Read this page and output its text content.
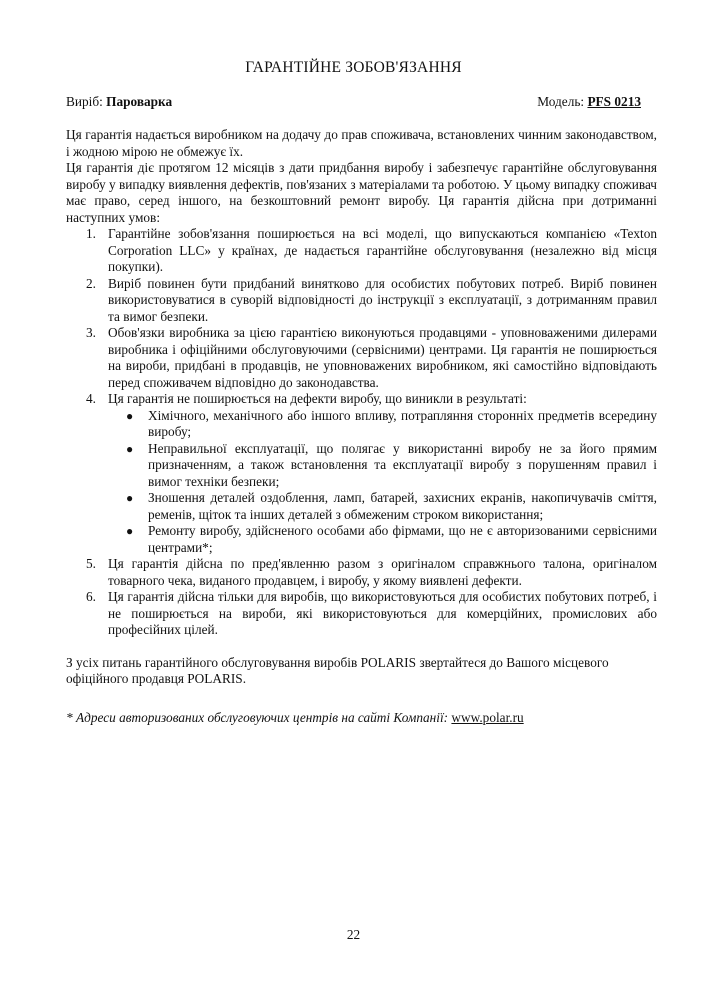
ГАРАНТІЙНЕ ЗОБОВ'ЯЗАННЯ
Виріб: Пароварка	Модель: PFS 0213

Ця гарантія надається виробником на додачу до прав споживача, встановлених чинним законодавством, і жодною мірою не обмежує їх.

Ця гарантія діє протягом 12 місяців з дати придбання виробу і забезпечує гарантійне обслуговування виробу у випадку виявлення дефектів, пов'язаних з матеріалами та роботою. У цьому випадку споживач має право, серед іншого, на безкоштовний ремонт виробу. Ця гарантія дійсна при дотриманні наступних умов:

1. Гарантійне зобов'язання поширюється на всі моделі, що випускаються компанією «Texton Corporation LLC» у країнах, де надається гарантійне обслуговування (незалежно від місця покупки).
2. Виріб повинен бути придбаний винятково для особистих побутових потреб. Виріб повинен використовуватися в суворій відповідності до інструкції з експлуатації, з дотриманням правил та вимог безпеки.
3. Обов'язки виробника за цією гарантією виконуються продавцями - уповноваженими дилерами виробника і офіційними обслуговуючими (сервісними) центрами. Ця гарантія не поширюється на вироби, придбані в продавців, не уповноважених виробником, які самостійно відповідають перед споживачем відповідно до законодавства.
4. Ця гарантія не поширюється на дефекти виробу, що виникли в результаті:
● Хімічного, механічного або іншого впливу, потрапляння сторонніх предметів всередину виробу;
● Неправильної експлуатації, що полягає у використанні виробу не за його прямим призначенням, а також встановлення та експлуатації виробу з порушенням правил і вимог техніки безпеки;
● Зношення деталей оздоблення, ламп, батарей, захисних екранів, накопичувачів сміття, ременів, щіток та інших деталей з обмеженим строком використання;
● Ремонту виробу, здійсненого особами або фірмами, що не є авторизованими сервісними центрами*;
5. Ця гарантія дійсна по пред'явленню разом з оригіналом справжнього талона, оригіналом товарного чека, виданого продавцем, і виробу, у якому виявлені дефекти.
6. Ця гарантія дійсна тільки для виробів, що використовуються для особистих побутових потреб, і не поширюється на вироби, які використовуються для комерційних, промислових або професійних цілей.

З усіх питань гарантійного обслуговування виробів POLARIS звертайтеся до Вашого місцевого офіційного продавця POLARIS.

* Адреси авторизованих обслуговуючих центрів на сайті Компанії: www.polar.ru

22
